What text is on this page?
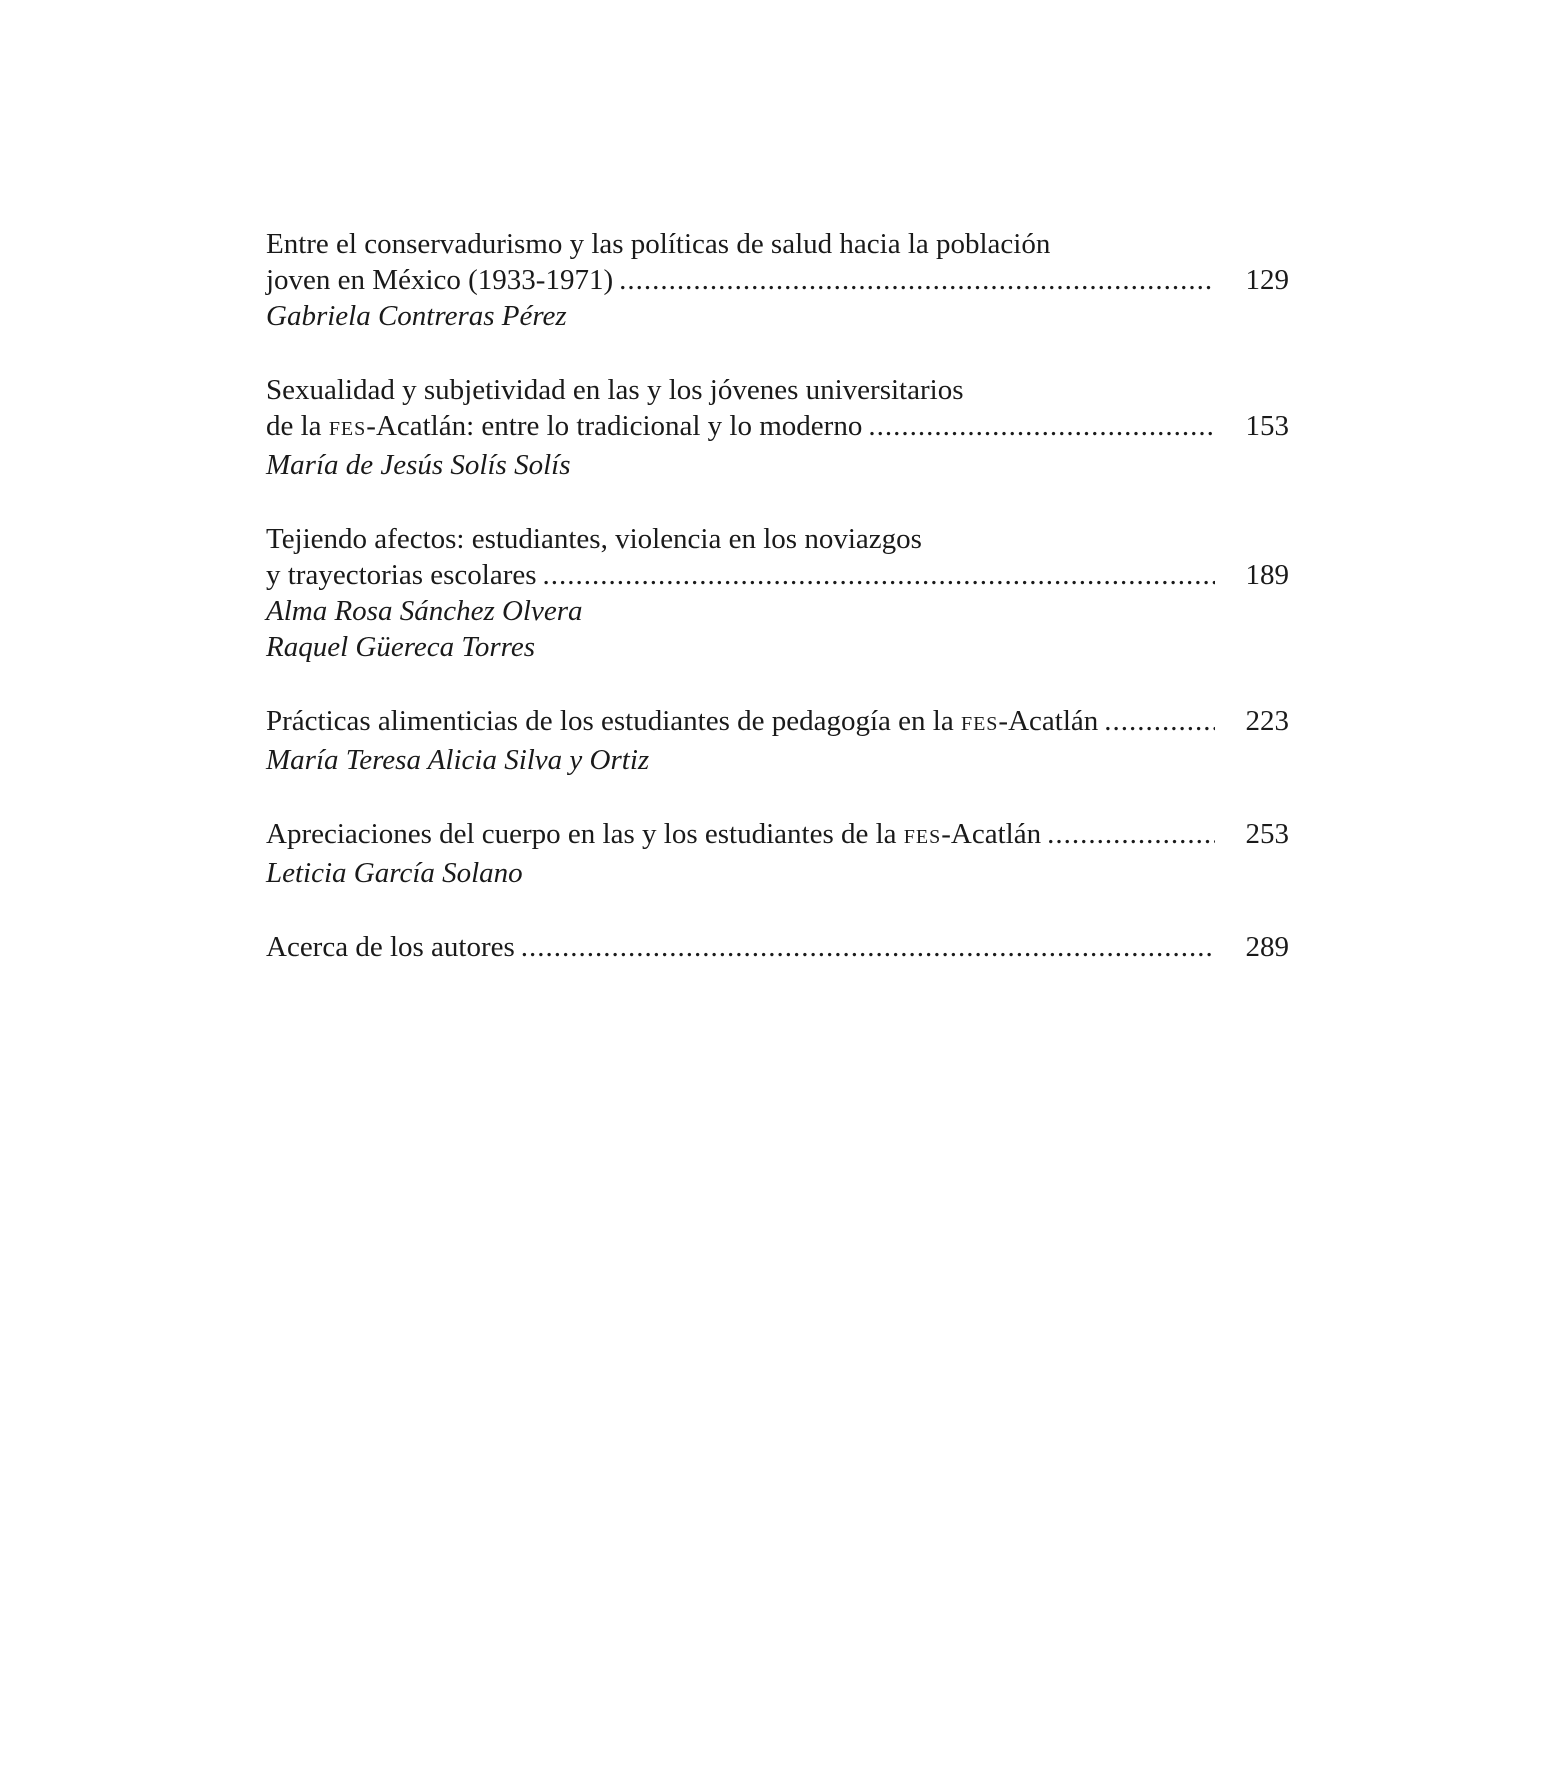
Entre el conservadurismo y las políticas de salud hacia la población
joven en México (1933-1971) .....	129
Gabriela Contreras Pérez
Sexualidad y subjetividad en las y los jóvenes universitarios
de la FES-Acatlán: entre lo tradicional y lo moderno .....	153
María de Jesús Solís Solís
Tejiendo afectos: estudiantes, violencia en los noviazgos
y trayectorias escolares .....	189
Alma Rosa Sánchez Olvera
Raquel Güereca Torres
Prácticas alimenticias de los estudiantes de pedagogía en la FES-Acatlán .....	223
María Teresa Alicia Silva y Ortiz
Apreciaciones del cuerpo en las y los estudiantes de la FES-Acatlán .....	253
Leticia García Solano
Acerca de los autores .....	289
